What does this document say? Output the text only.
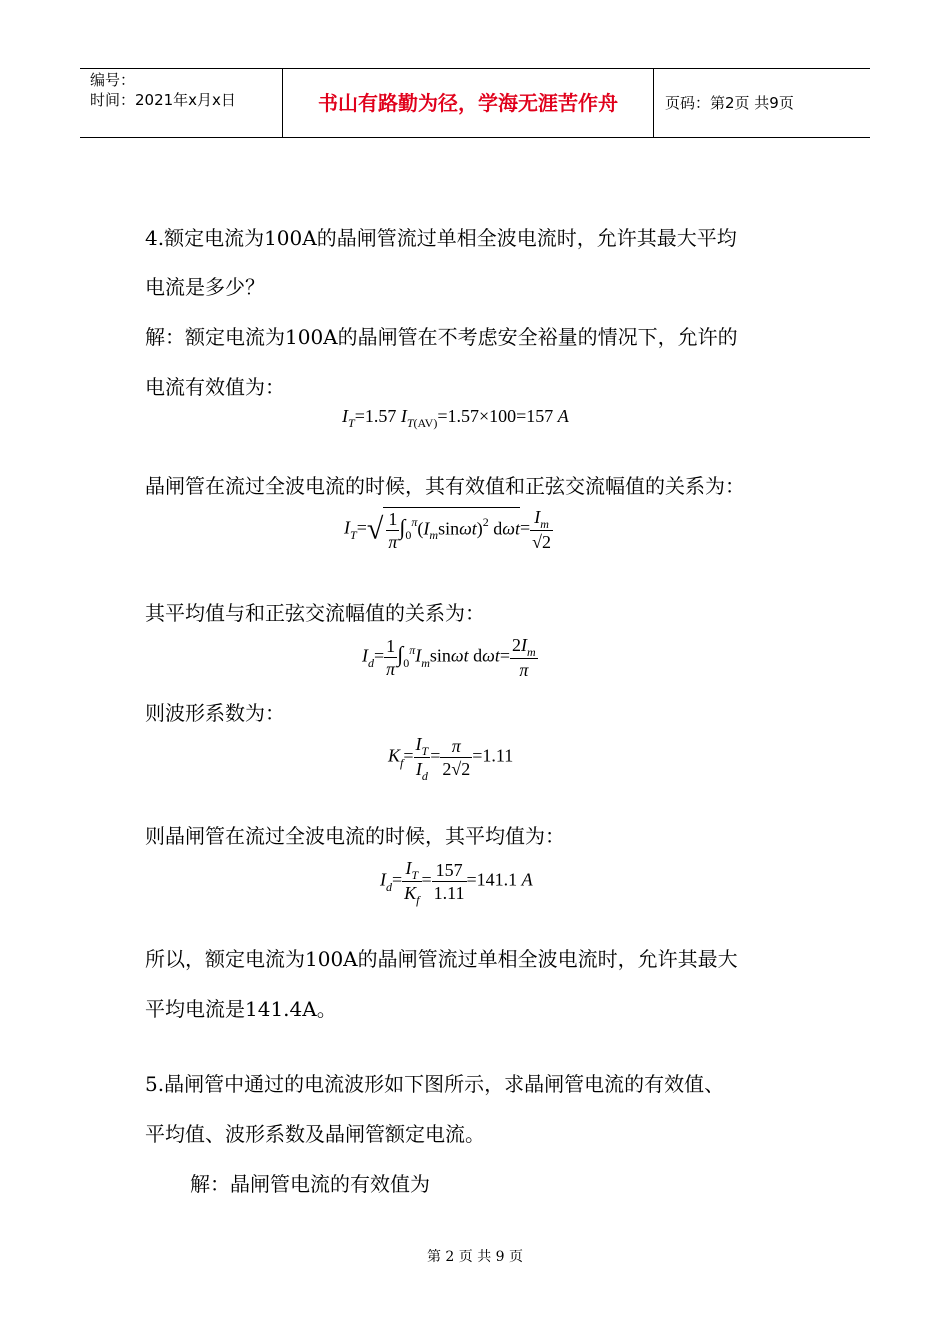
编号：
时间：2021年x月x日	书山有路勤为径，学海无涯苦作舟	页码：第2页 共9页
4.额定电流为100A的晶闸管流过单相全波电流时，允许其最大平均
电流是多少？
解：额定电流为100A的晶闸管在不考虑安全裕量的情况下，允许的
电流有效值为：
$I_T=1.57$ $I_{T(AV)}=1.57\times 100=157$ A
晶闸管在流过全波电流的时候，其有效值和正弦交流幅值的关系为：
$I_T=√ \frac{1}{\pi} \int_0^\pi(I_m\sin\omega t)^2$ $d\omega t= \frac{I_m}{√2}$
其平均值与和正弦交流幅值的关系为：
$I_d= \frac{1}{\pi} \int_0^\pi I_m\sin\omega t$ $d\omega t= \frac{2I_m}{\pi}$
则波形系数为：
$K_f= \frac{I_T}{I_d} = \frac{\pi}{2√2} =1.11$
则晶闸管在流过全波电流的时候，其平均值为：
$I_d= \frac{I_T}{K_f} = \frac{157}{1.11} =141.1$ A
所以，额定电流为100A的晶闸管流过单相全波电流时，允许其最大
平均电流是141.4A。
5.晶闸管中通过的电流波形如下图所示，求晶闸管电流的有效值、
平均值、波形系数及晶闸管额定电流。
解：晶闸管电流的有效值为
第 2 页 共 9 页
